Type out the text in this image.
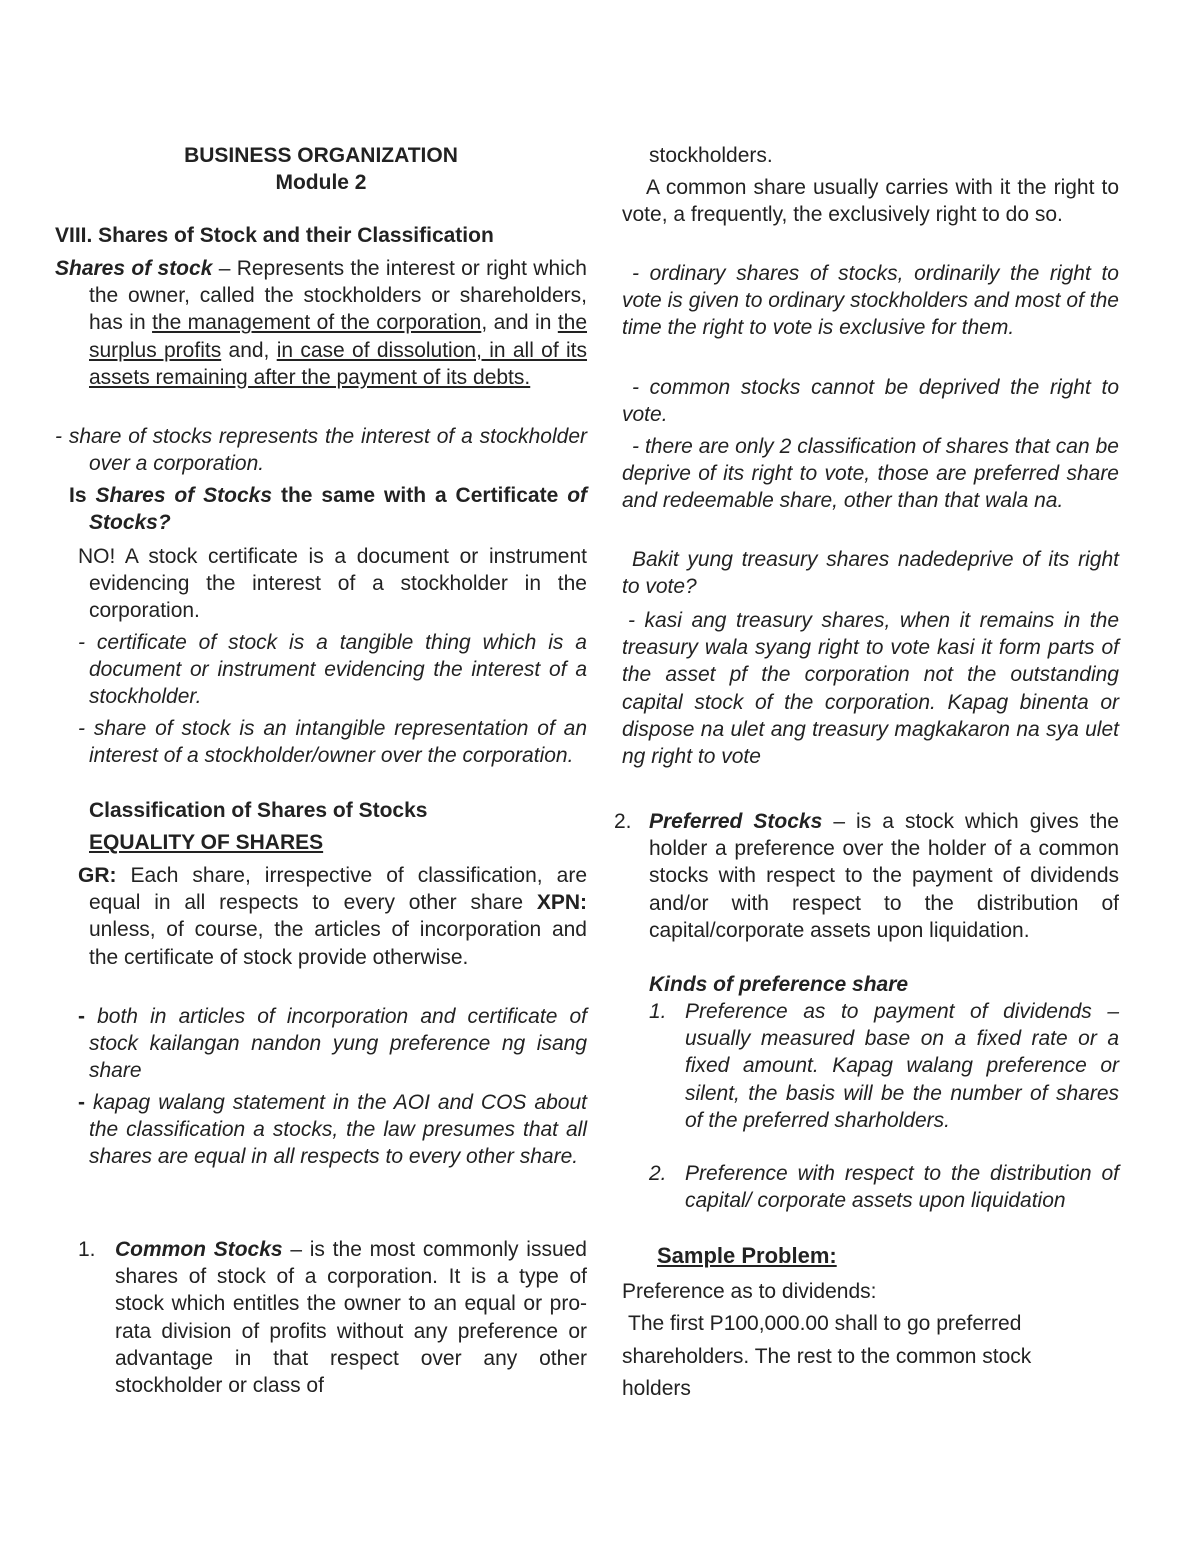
BUSINESS ORGANIZATION
Module 2
VIII. Shares of Stock and their Classification
Shares of stock – Represents the interest or right which the owner, called the stockholders or shareholders, has in the management of the corporation, and in the surplus profits and, in case of dissolution, in all of its assets remaining after the payment of its debts.
- share of stocks represents the interest of a stockholder over a corporation.
Is Shares of Stocks the same with a Certificate of Stocks?
NO! A stock certificate is a document or instrument evidencing the interest of a stockholder in the corporation.
- certificate of stock is a tangible thing which is a document or instrument evidencing the interest of a stockholder.
- share of stock is an intangible representation of an interest of a stockholder/owner over the corporation.
Classification of Shares of Stocks
EQUALITY OF SHARES
GR: Each share, irrespective of classification, are equal in all respects to every other share XPN: unless, of course, the articles of incorporation and the certificate of stock provide otherwise.
- both in articles of incorporation and certificate of stock kailangan nandon yung preference ng isang share
- kapag walang statement in the AOI and COS about the classification a stocks, the law presumes that all shares are equal in all respects to every other share.
1. Common Stocks – is the most commonly issued shares of stock of a corporation. It is a type of stock which entitles the owner to an equal or pro-rata division of profits without any preference or advantage in that respect over any other stockholder or class of
stockholders.
A common share usually carries with it the right to vote, a frequently, the exclusively right to do so.
- ordinary shares of stocks, ordinarily the right to vote is given to ordinary stockholders and most of the time the right to vote is exclusive for them.
- common stocks cannot be deprived the right to vote.
- there are only 2 classification of shares that can be deprive of its right to vote, those are preferred share and redeemable share, other than that wala na.
Bakit yung treasury shares nadedeprive of its right to vote?
- kasi ang treasury shares, when it remains in the treasury wala syang right to vote kasi it form parts of the asset pf the corporation not the outstanding capital stock of the corporation. Kapag binenta or dispose na ulet ang treasury magkakaron na sya ulet ng right to vote
2. Preferred Stocks – is a stock which gives the holder a preference over the holder of a common stocks with respect to the payment of dividends and/or with respect to the distribution of capital/corporate assets upon liquidation.
Kinds of preference share
1. Preference as to payment of dividends – usually measured base on a fixed rate or a fixed amount. Kapag walang preference or silent, the basis will be the number of shares of the preferred sharholders.
2. Preference with respect to the distribution of capital/ corporate assets upon liquidation
Sample Problem:
Preference as to dividends:
The first P100,000.00 shall to go preferred shareholders. The rest to the common stock holders
